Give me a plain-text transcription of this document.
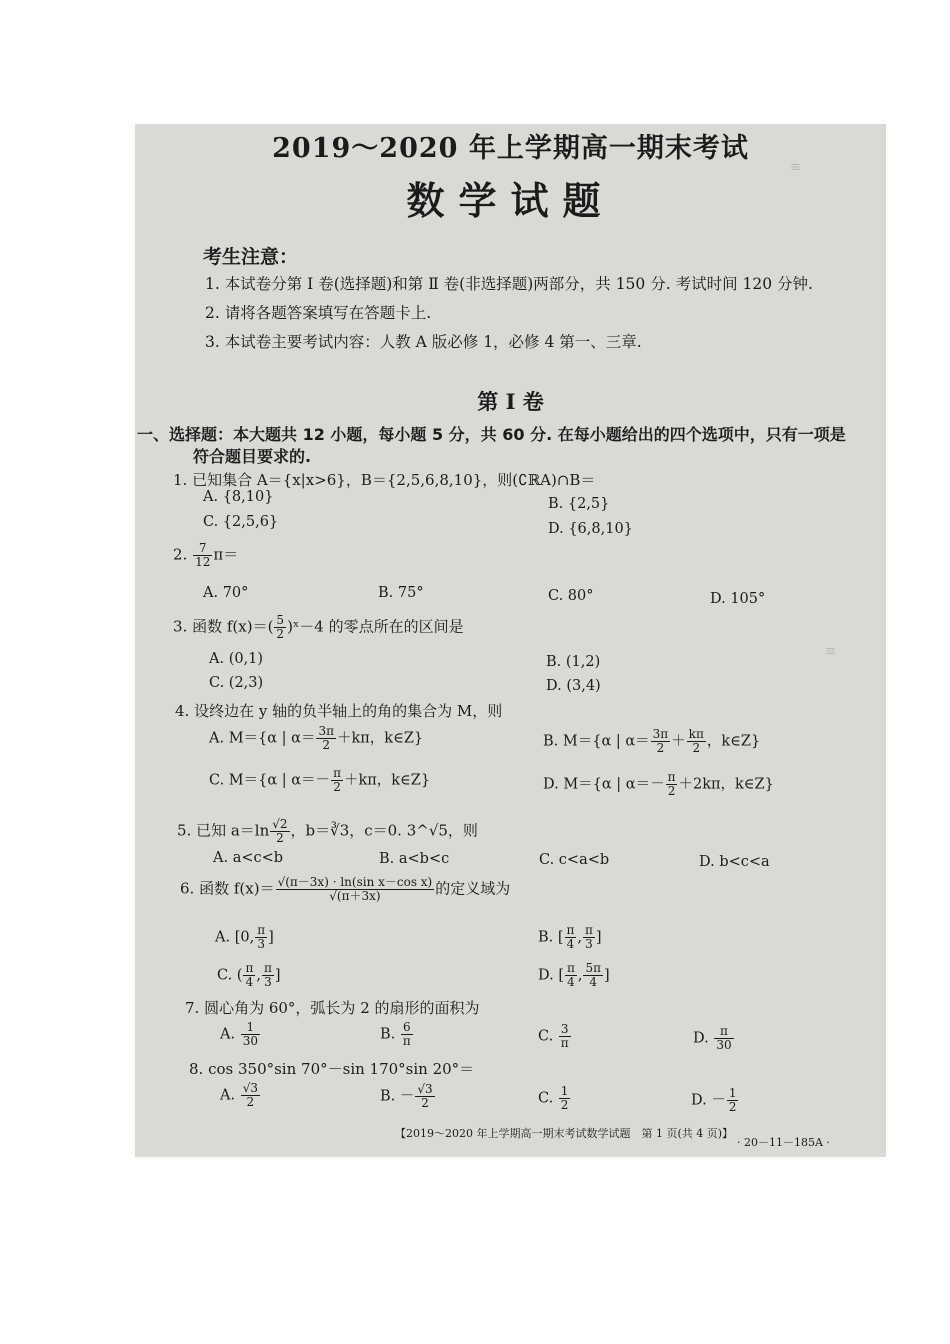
≡
≡
2019～2020 年上学期高一期末考试
数学试题
考生注意：
1. 本试卷分第 Ⅰ 卷(选择题)和第 Ⅱ 卷(非选择题)两部分，共 150 分. 考试时间 120 分钟.
2. 请将各题答案填写在答题卡上.
3. 本试卷主要考试内容：人教 A 版必修 1，必修 4 第一、三章.
第 Ⅰ 卷
一、选择题：本大题共 12 小题，每小题 5 分，共 60 分. 在每小题给出的四个选项中，只有一项是
符合题目要求的.
1. 已知集合 A＝{x|x>6}，B＝{2,5,6,8,10}，则(∁ℝA)∩B＝
A. {8,10}	B. {2,5}
C. {2,5,6}	D. {6,8,10}
2. $\frac{7}{12} \pi=$
A. 70°	B. 75°	C. 80°	D. 105°
3. 函数 $f(x)=( \frac{5}{2}$ )ˣ－4 的零点所在的区间是
A. (0,1)	B. (1,2)
C. (2,3)	D. (3,4)
4. 设终边在 y 轴的负半轴上的角的集合为 M，则
A. M＝{α | $\alpha= \frac{3\pi}{2} +k\pi$，k∈Z}	B. M＝{α | $\alpha= \frac{3\pi}{2} + \frac{k\pi}{2}$ ，k∈Z}
C. M＝{α | $\alpha=- \frac{\pi}{2} +k\pi$，k∈Z}	D. M＝{α | $\alpha=- \frac{\pi}{2} +2k\pi$，k∈Z}
5. 已知 $a=\ln \frac{√2}{2}$ ，b＝∛3，c＝0. 3^√5，则
A. a<c<b	B. a<b<c	C. c<a<b	D. b<c<a
6. 函数 $f(x)= \frac{\text{√(π－3x) · ln(sin x－cos x)}}{√(\pi+3x)}$ 的定义域为
A. [0, $\frac{\pi}{3}$ ]	B. [ $\frac{\pi}{4}$ , $\frac{\pi}{3}$ ]
C. ( $\frac{\pi}{4}$ , $\frac{\pi}{3}$ ]	D. [ $\frac{\pi}{4}$ , $\frac{5\pi}{4}$ ]
7. 圆心角为 60°，弧长为 2 的扇形的面积为
A. $\frac{1}{30}$	B. $\frac{6}{\pi}$	C. $\frac{3}{\pi}$	D. $\frac{\pi}{30}$
8. cos 350°sin 70°－sin 170°sin 20°＝
A. $\frac{√3}{2}$	B. － $\frac{√3}{2}$	C. $\frac{1}{2}$	D. － $\frac{1}{2}$
【2019～2020 年上学期高一期末考试数学试题　第 1 页(共 4 页)】
· 20－11－185A ·
